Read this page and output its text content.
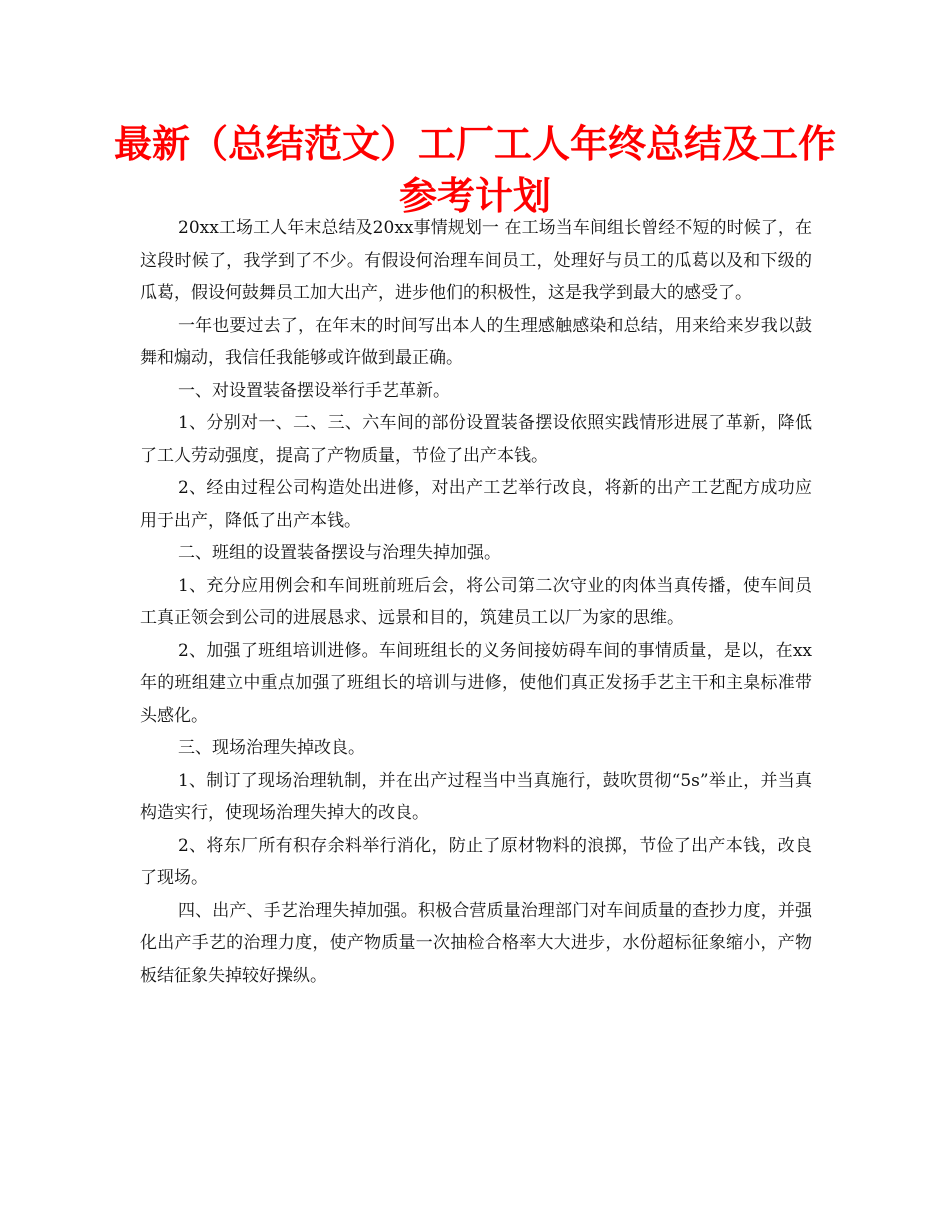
最新（总结范文）工厂工人年终总结及工作参考计划

20xx工场工人年末总结及20xx事情规划一 在工场当车间组长曾经不短的时候了，在这段时候了，我学到了不少。有假设何治理车间员工，处理好与员工的瓜葛以及和下级的瓜葛，假设何鼓舞员工加大出产，进步他们的积极性，这是我学到最大的感受了。

一年也要过去了，在年末的时间写出本人的生理感触感染和总结，用来给来岁我以鼓舞和煽动，我信任我能够或许做到最正确。

一、对设置装备摆设举行手艺革新。

1、分别对一、二、三、六车间的部份设置装备摆设依照实践情形进展了革新，降低了工人劳动强度，提高了产物质量，节俭了出产本钱。

2、经由过程公司构造处出进修，对出产工艺举行改良，将新的出产工艺配方成功应用于出产，降低了出产本钱。

二、班组的设置装备摆设与治理失掉加强。

1、充分应用例会和车间班前班后会，将公司第二次守业的肉体当真传播，使车间员工真正领会到公司的进展恳求、远景和目的，筑建员工以厂为家的思维。

2、加强了班组培训进修。车间班组长的义务间接妨碍车间的事情质量，是以，在xx年的班组建立中重点加强了班组长的培训与进修，使他们真正发扬手艺主干和主臬标准带头感化。

三、现场治理失掉改良。

1、制订了现场治理轨制，并在出产过程当中当真施行，鼓吹贯彻“5s”举止，并当真构造实行，使现场治理失掉大的改良。

2、将东厂所有积存余料举行消化，防止了原材物料的浪掷，节俭了出产本钱，改良了现场。

四、出产、手艺治理失掉加强。积极合营质量治理部门对车间质量的查抄力度，并强化出产手艺的治理力度，使产物质量一次抽检合格率大大进步，水份超标征象缩小，产物板结征象失掉较好操纵。
